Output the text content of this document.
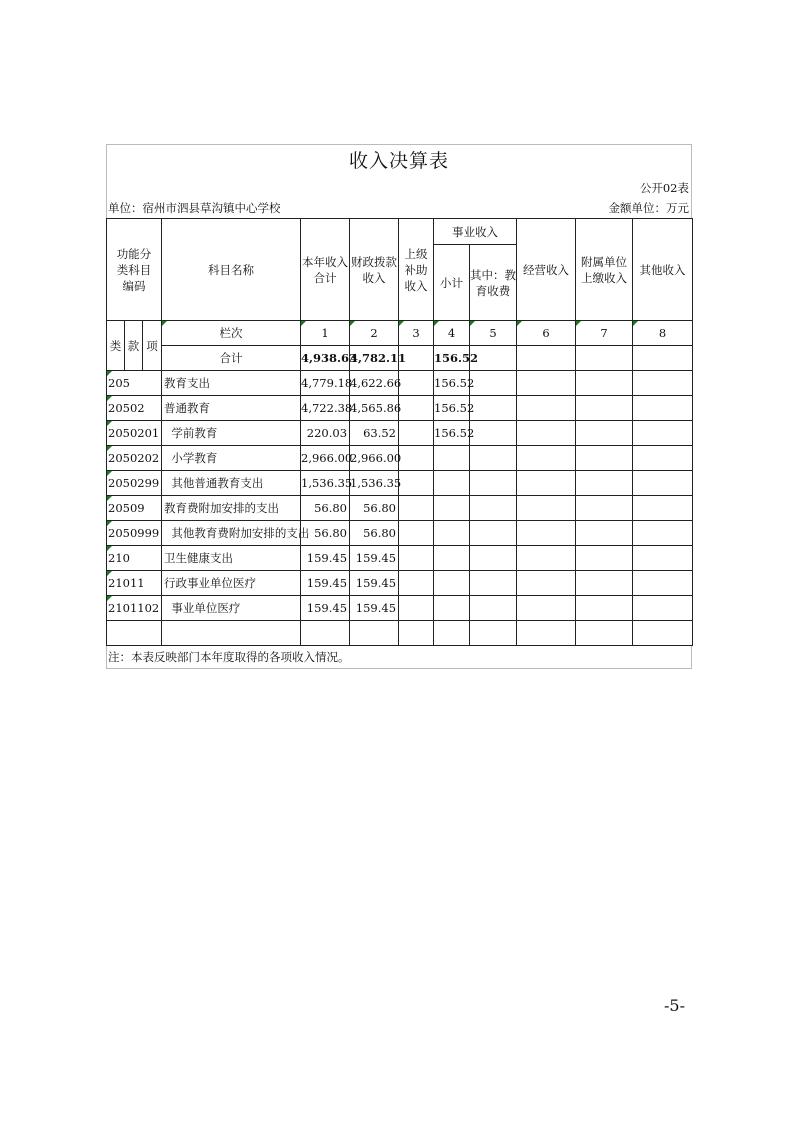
收入决算表
公开02表
单位：宿州市泗县草沟镇中心学校	金额单位：万元
功能分类科目编码			科目名称	本年收入合计	财政拨款收入	上级补助收入	事业收入		经营收入	附属单位上缴收入	其他收入
							小计	其中：教育收费			
类	款	项	栏次	1	2	3	4	5	6	7	8
			合计	4,938.63	4,782.11		156.52				
205			教育支出	4,779.18	4,622.66		156.52				
20502			普通教育	4,722.38	4,565.86		156.52				
2050201			学前教育	220.03	63.52		156.52				
2050202			小学教育	2,966.00	2,966.00						
2050299			其他普通教育支出	1,536.35	1,536.35						
20509			教育费附加安排的支出	56.80	56.80						
2050999			其他教育费附加安排的支出	56.80	56.80						
210			卫生健康支出	159.45	159.45						
21011			行政事业单位医疗	159.45	159.45						
2101102			事业单位医疗	159.45	159.45						

注：本表反映部门本年度取得的各项收入情况。
-5-
